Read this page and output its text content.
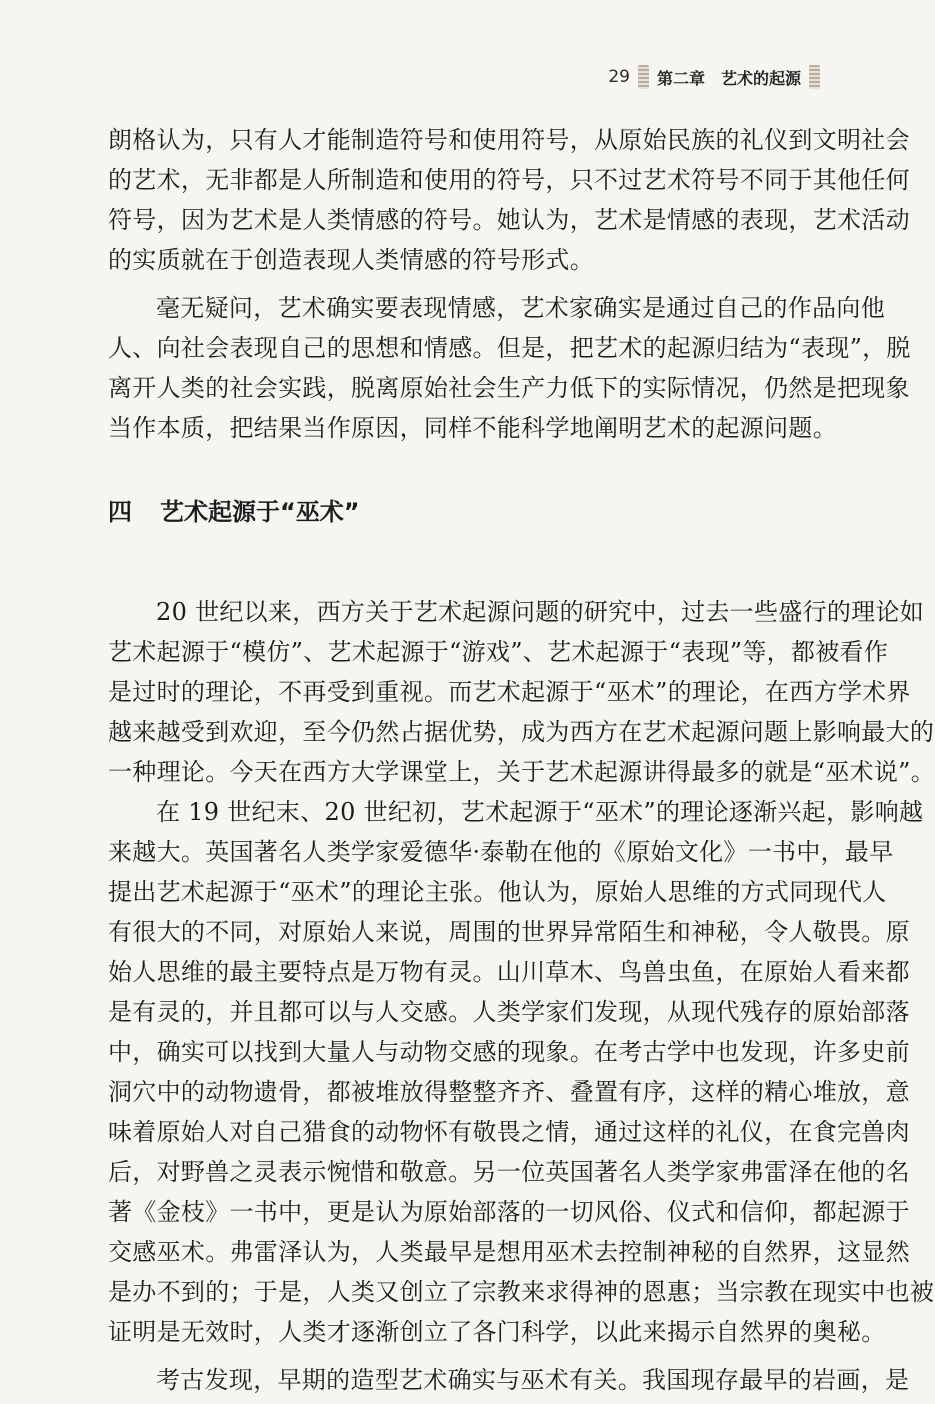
29 第二章　艺术的起源
朗格认为，只有人才能制造符号和使用符号，从原始民族的礼仪到文明社会
的艺术，无非都是人所制造和使用的符号，只不过艺术符号不同于其他任何
符号，因为艺术是人类情感的符号。她认为，艺术是情感的表现，艺术活动
的实质就在于创造表现人类情感的符号形式。
毫无疑问，艺术确实要表现情感，艺术家确实是通过自己的作品向他
人、向社会表现自己的思想和情感。但是，把艺术的起源归结为“表现”，脱
离开人类的社会实践，脱离原始社会生产力低下的实际情况，仍然是把现象
当作本质，把结果当作原因，同样不能科学地阐明艺术的起源问题。
四 艺术起源于“巫术”
20 世纪以来，西方关于艺术起源问题的研究中，过去一些盛行的理论如
艺术起源于“模仿”、艺术起源于“游戏”、艺术起源于“表现”等，都被看作
是过时的理论，不再受到重视。而艺术起源于“巫术”的理论，在西方学术界
越来越受到欢迎，至今仍然占据优势，成为西方在艺术起源问题上影响最大的
一种理论。今天在西方大学课堂上，关于艺术起源讲得最多的就是“巫术说”。
在 19 世纪末、20 世纪初，艺术起源于“巫术”的理论逐渐兴起，影响越
来越大。英国著名人类学家爱德华·泰勒在他的《原始文化》一书中，最早
提出艺术起源于“巫术”的理论主张。他认为，原始人思维的方式同现代人
有很大的不同，对原始人来说，周围的世界异常陌生和神秘，令人敬畏。原
始人思维的最主要特点是万物有灵。山川草木、鸟兽虫鱼，在原始人看来都
是有灵的，并且都可以与人交感。人类学家们发现，从现代残存的原始部落
中，确实可以找到大量人与动物交感的现象。在考古学中也发现，许多史前
洞穴中的动物遗骨，都被堆放得整整齐齐、叠置有序，这样的精心堆放，意
味着原始人对自己猎食的动物怀有敬畏之情，通过这样的礼仪，在食完兽肉
后，对野兽之灵表示惋惜和敬意。另一位英国著名人类学家弗雷泽在他的名
著《金枝》一书中，更是认为原始部落的一切风俗、仪式和信仰，都起源于
交感巫术。弗雷泽认为，人类最早是想用巫术去控制神秘的自然界，这显然
是办不到的；于是，人类又创立了宗教来求得神的恩惠；当宗教在现实中也被
证明是无效时，人类才逐渐创立了各门科学，以此来揭示自然界的奥秘。
考古发现，早期的造型艺术确实与巫术有关。我国现存最早的岩画，是
